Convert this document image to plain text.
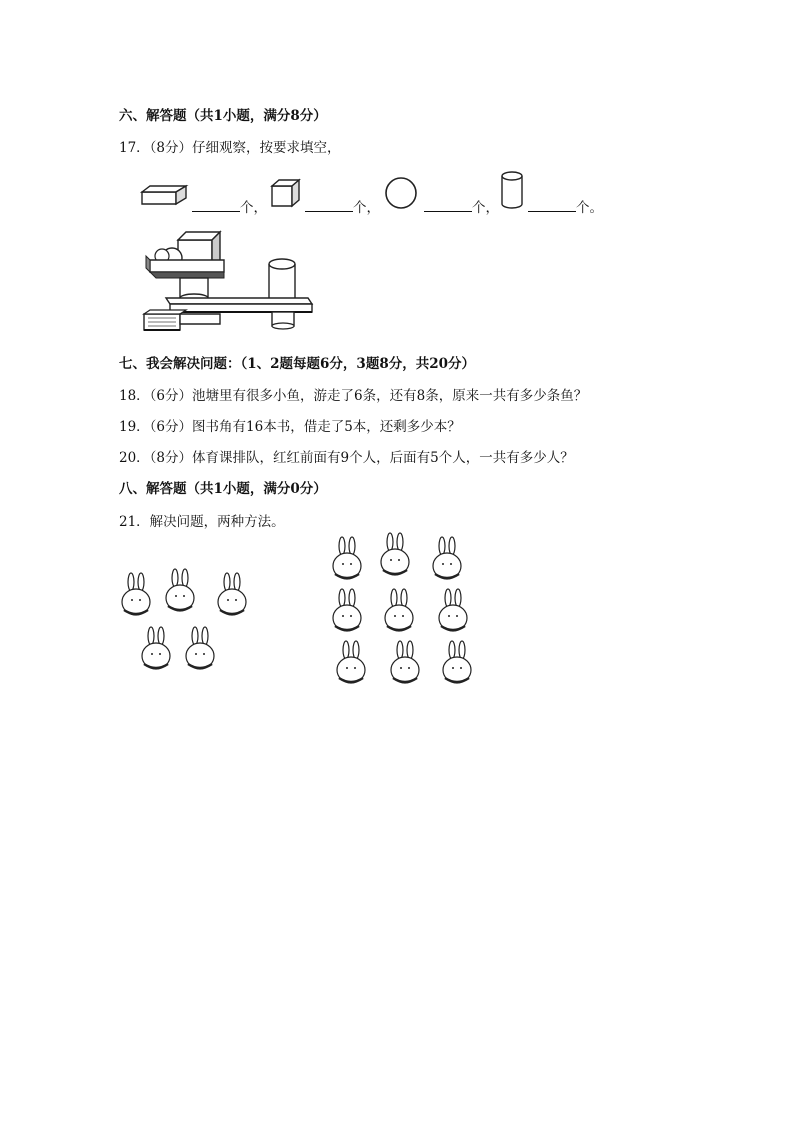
六、解答题（共1小题，满分8分）
17．（8分）仔细观察，按要求填空，
个，	个，	个，	个。
七、我会解决问题：（1、2题每题6分，3题8分，共20分）
18．（6分）池塘里有很多小鱼，游走了6条，还有8条，原来一共有多少条鱼？
19．（6分）图书角有16本书，借走了5本，还剩多少本？
20．（8分）体育课排队，红红前面有9个人，后面有5个人，一共有多少人？
八、解答题（共1小题，满分0分）
21．解决问题，两种方法。
